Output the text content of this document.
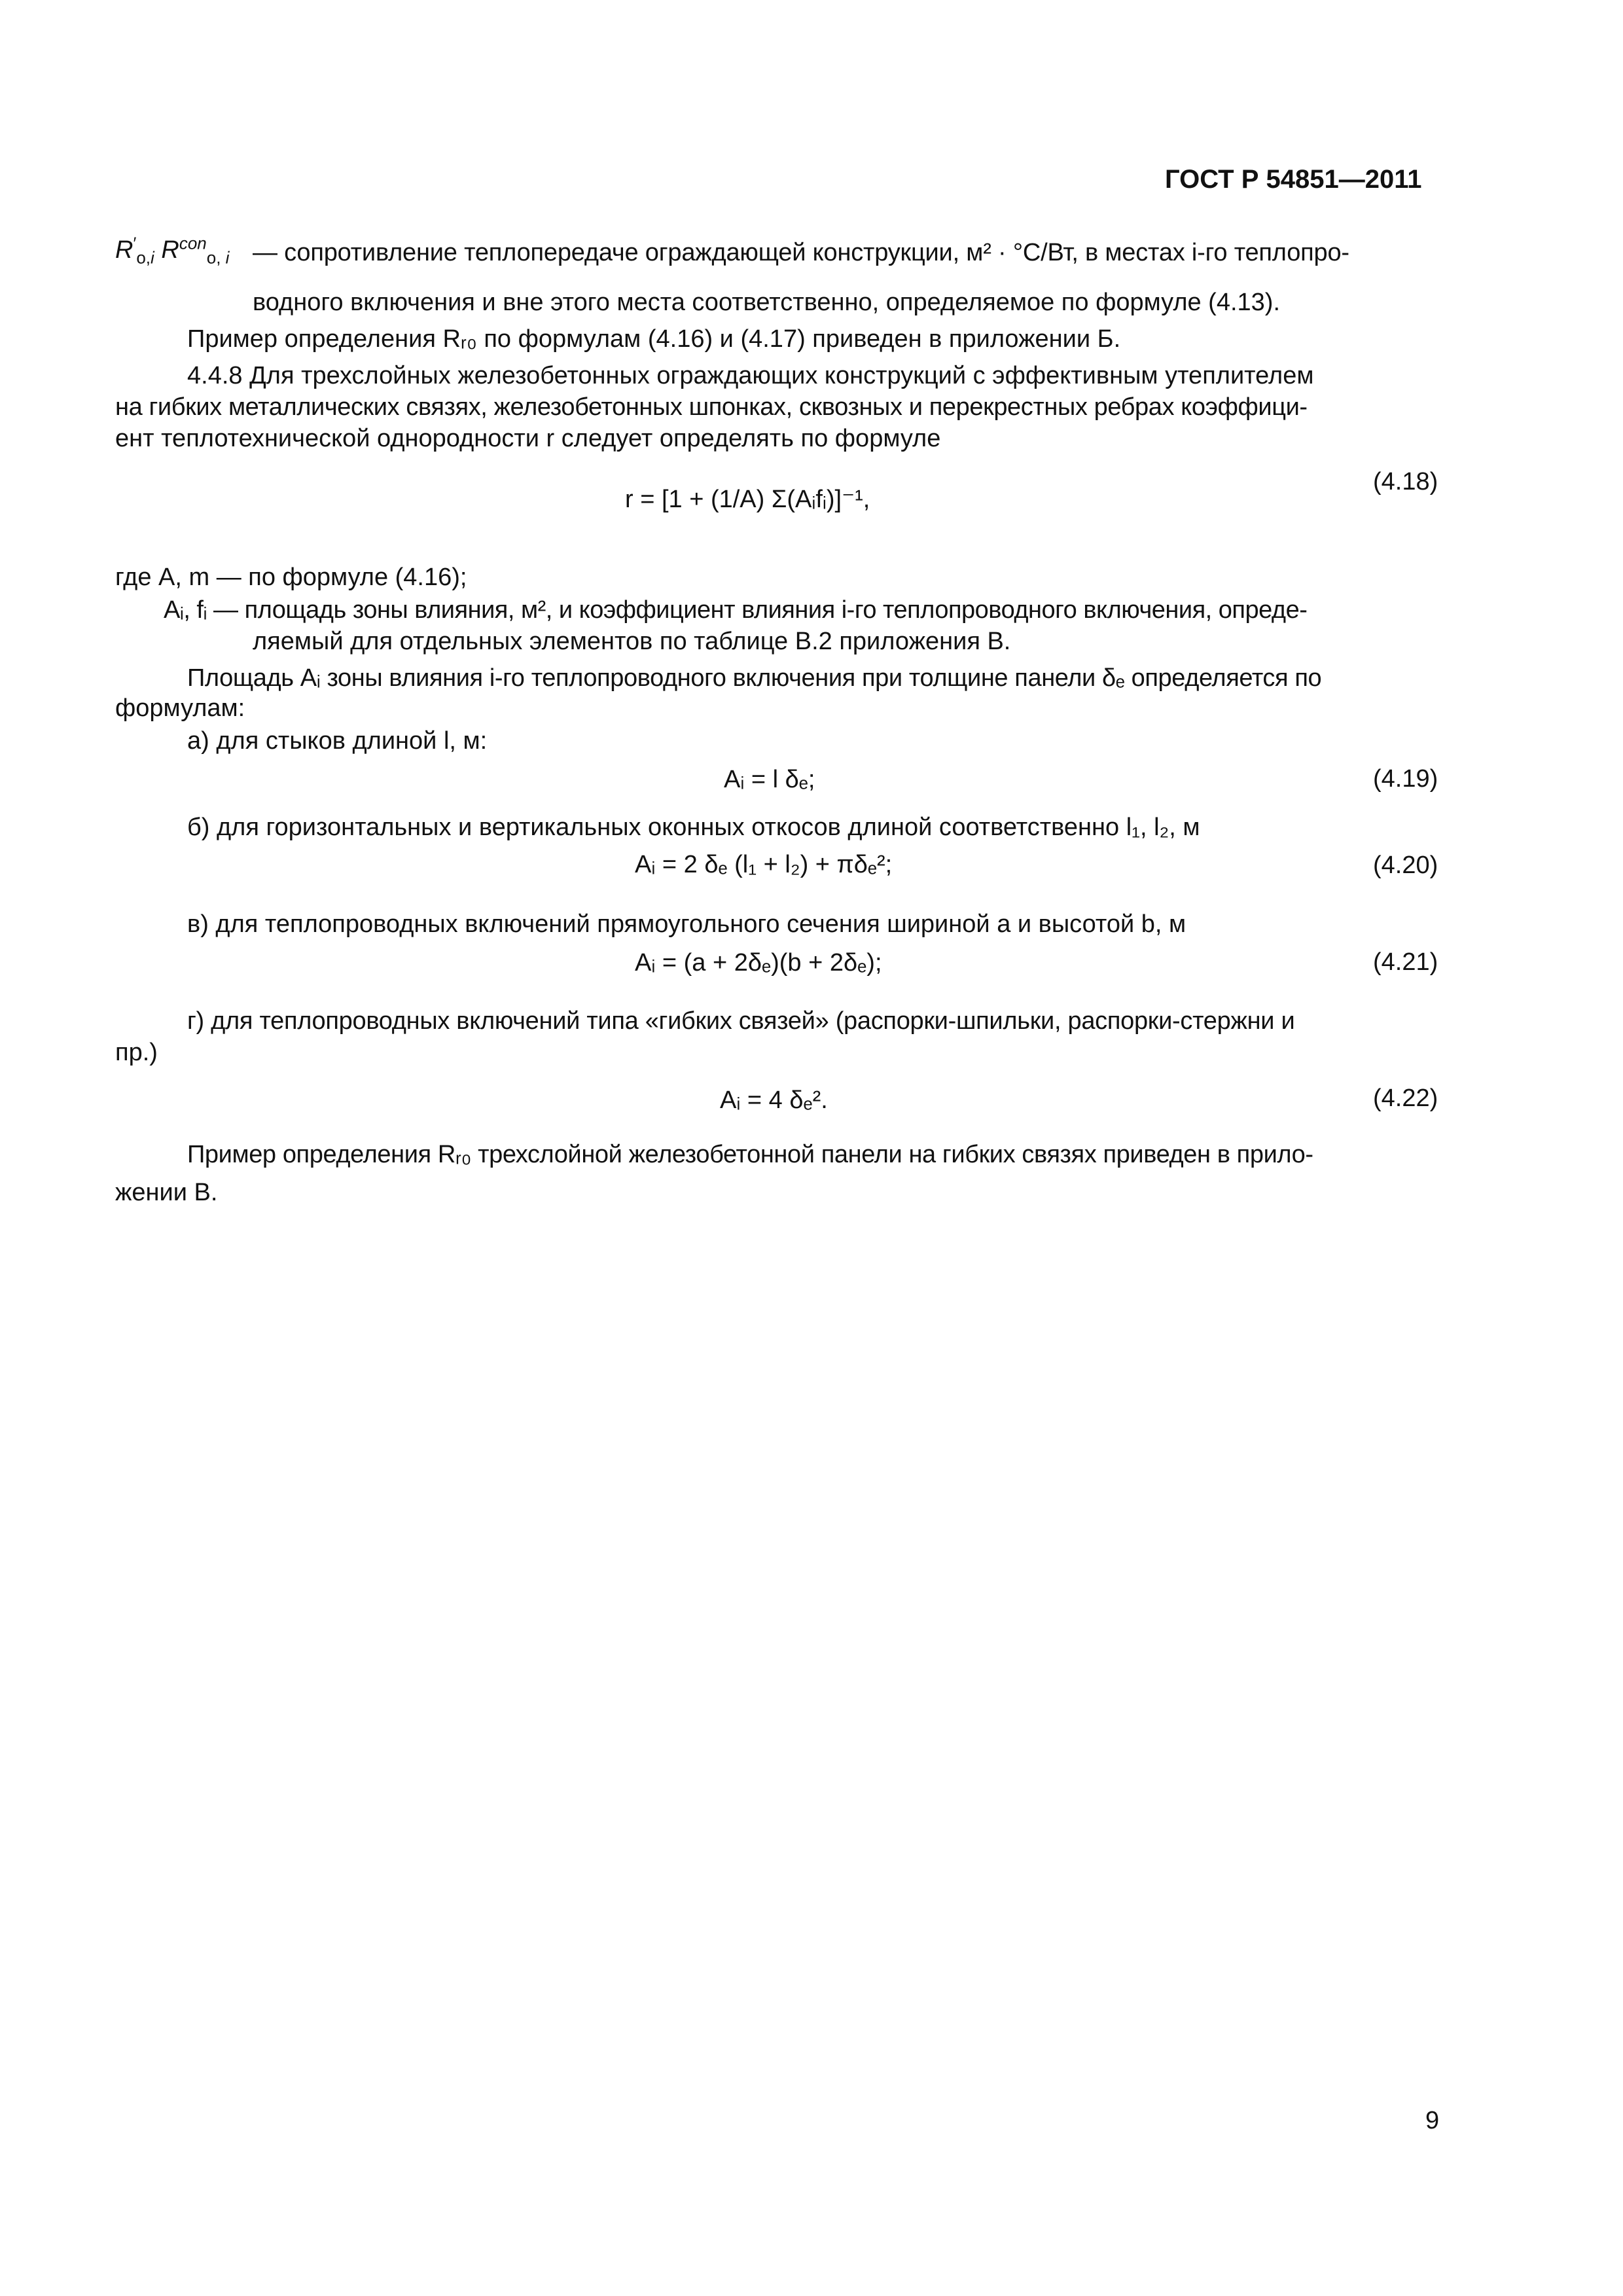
ГОСТ Р 54851—2011
$R'_{o,i}$ $R^{con}_{o, i}$ — сопротивление теплопередаче ограждающей конструкции, м² · °С/Вт, в местах i-го теплопро-
водного включения и вне этого места соответственно, определяемое по формуле (4.13).
Пример определения Rᵣ₀ по формулам (4.16) и (4.17) приведен в приложении Б.
4.4.8 Для трехслойных железобетонных ограждающих конструкций с эффективным утеплителем
на гибких металлических связях, железобетонных шпонках, сквозных и перекрестных ребрах коэффици-
ент теплотехнической однородности r следует определять по формуле
r = [1 + (1/A) Σ(Aᵢfᵢ)]⁻¹,
(4.18)
где A, m — по формуле (4.16);
Aᵢ, fᵢ — площадь зоны влияния, м², и коэффициент влияния i-го теплопроводного включения, опреде-
ляемый для отдельных элементов по таблице В.2 приложения В.
Площадь Aᵢ зоны влияния i-го теплопроводного включения при толщине панели δₑ определяется по
формулам:
а) для стыков длиной l, м:
Aᵢ = l δₑ;	(4.19)
б) для горизонтальных и вертикальных оконных откосов длиной соответственно l₁, l₂, м
Aᵢ = 2 δₑ (l₁ + l₂) + πδₑ²;	(4.20)
в) для теплопроводных включений прямоугольного сечения шириной a и высотой b, м
Aᵢ = (a + 2δₑ)(b + 2δₑ);	(4.21)
г) для теплопроводных включений типа «гибких связей» (распорки-шпильки, распорки-стержни и
пр.)
Aᵢ = 4 δₑ².	(4.22)
Пример определения Rᵣ₀ трехслойной железобетонной панели на гибких связях приведен в прило-
жении В.
9
